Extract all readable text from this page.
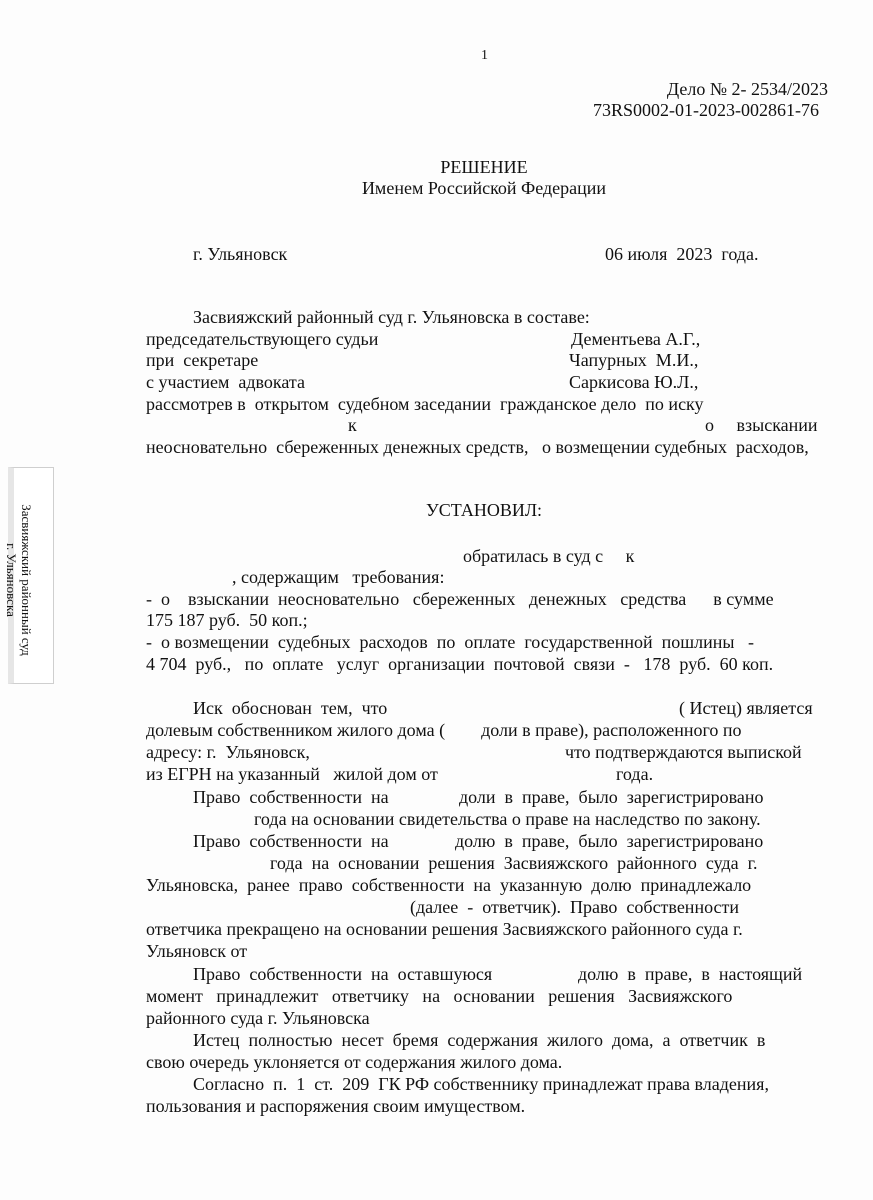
1
Дело № 2- 2534/2023
73RS0002-01-2023-002861-76
РЕШЕНИЕ
Именем Российской Федерации
г. Ульяновск	06 июля  2023  года.
Засвияжский районный суд г. Ульяновска в составе:
председательствующего судьи	Дементьева А.Г.,
при  секретаре	Чапурных  М.И.,
с участием  адвоката	Саркисова Ю.Л.,
рассмотрев в  открытом  судебном заседании  гражданское дело  по иску
к	о     взыскании
неосновательно  сбереженных денежных средств,   о возмещении судебных  расходов,
УСТАНОВИЛ:
обратилась в суд с     к
, содержащим   требования:
-  о    взыскании  неосновательно   сбереженных   денежных   средства      в сумме
175 187 руб.  50 коп.;
-  о возмещении  судебных  расходов  по  оплате  государственной  пошлины   -
4 704  руб.,   по  оплате   услуг  организации  почтовой  связи  -   178  руб.  60 коп.
Иск  обоснован  тем,  что	( Истец) является
долевым собственником жилого дома (        доли в праве), расположенного по
адресу: г.  Ульяновск,	что подтверждаются выпиской
из ЕГРН на указанный   жилой дом от	года.
Право  собственности  на	доли  в  праве,  было  зарегистрировано
года на основании свидетельства о праве на наследство по закону.
Право  собственности  на	долю  в  праве,  было  зарегистрировано
года  на  основании  решения  Засвияжского  районного  суда  г.
Ульяновска,  ранее  право  собственности  на  указанную  долю  принадлежало
(далее  -  ответчик).  Право  собственности
ответчика прекращено на основании решения Засвияжского районного суда г.
Ульяновск от
Право  собственности  на  оставшуюся	долю  в  праве,  в  настоящий
момент   принадлежит   ответчику   на   основании   решения   Засвияжского
районного суда г. Ульяновска
Истец  полностью  несет  бремя  содержания  жилого  дома,  а  ответчик  в
свою очередь уклоняется от содержания жилого дома.
Согласно  п.  1  ст.  209  ГК РФ собственнику принадлежат права владения,
пользования и распоряжения своим имуществом.
Засвияжский районный суд г. Ульяновска
